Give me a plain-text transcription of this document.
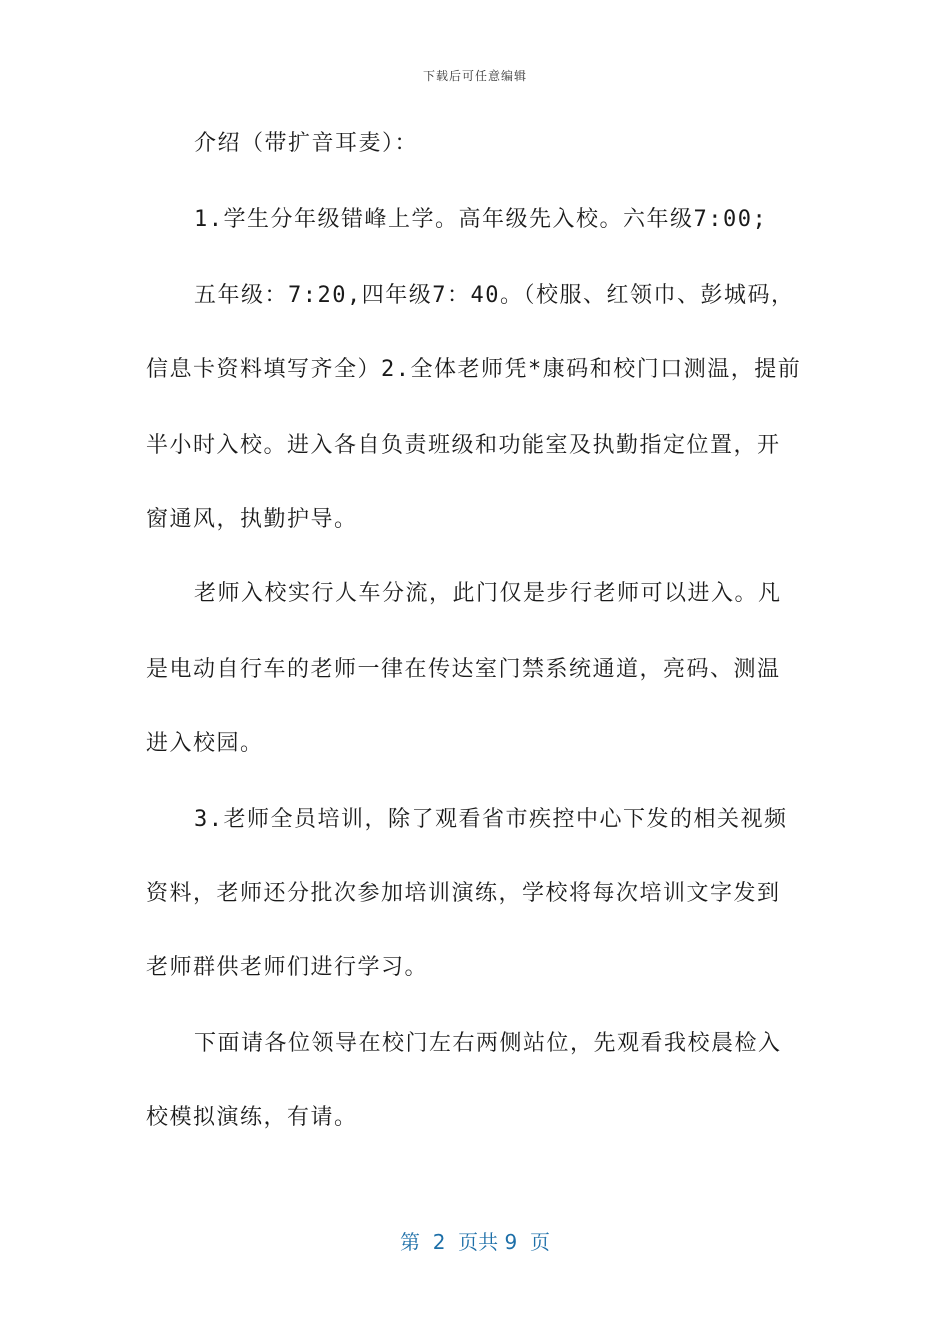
下载后可任意编辑
介绍（带扩音耳麦）：
1.学生分年级错峰上学。高年级先入校。六年级7:00;
五年级：7:20,四年级7：40。（校服、红领巾、彭城码，
信息卡资料填写齐全）2.全体老师凭*康码和校门口测温，提前
半小时入校。进入各自负责班级和功能室及执勤指定位置，开
窗通风，执勤护导。
老师入校实行人车分流，此门仅是步行老师可以进入。凡
是电动自行车的老师一律在传达室门禁系统通道，亮码、测温
进入校园。
3.老师全员培训，除了观看省市疾控中心下发的相关视频
资料，老师还分批次参加培训演练，学校将每次培训文字发到
老师群供老师们进行学习。
下面请各位领导在校门左右两侧站位，先观看我校晨检入
校模拟演练，有请。
第  2  页共 9  页
